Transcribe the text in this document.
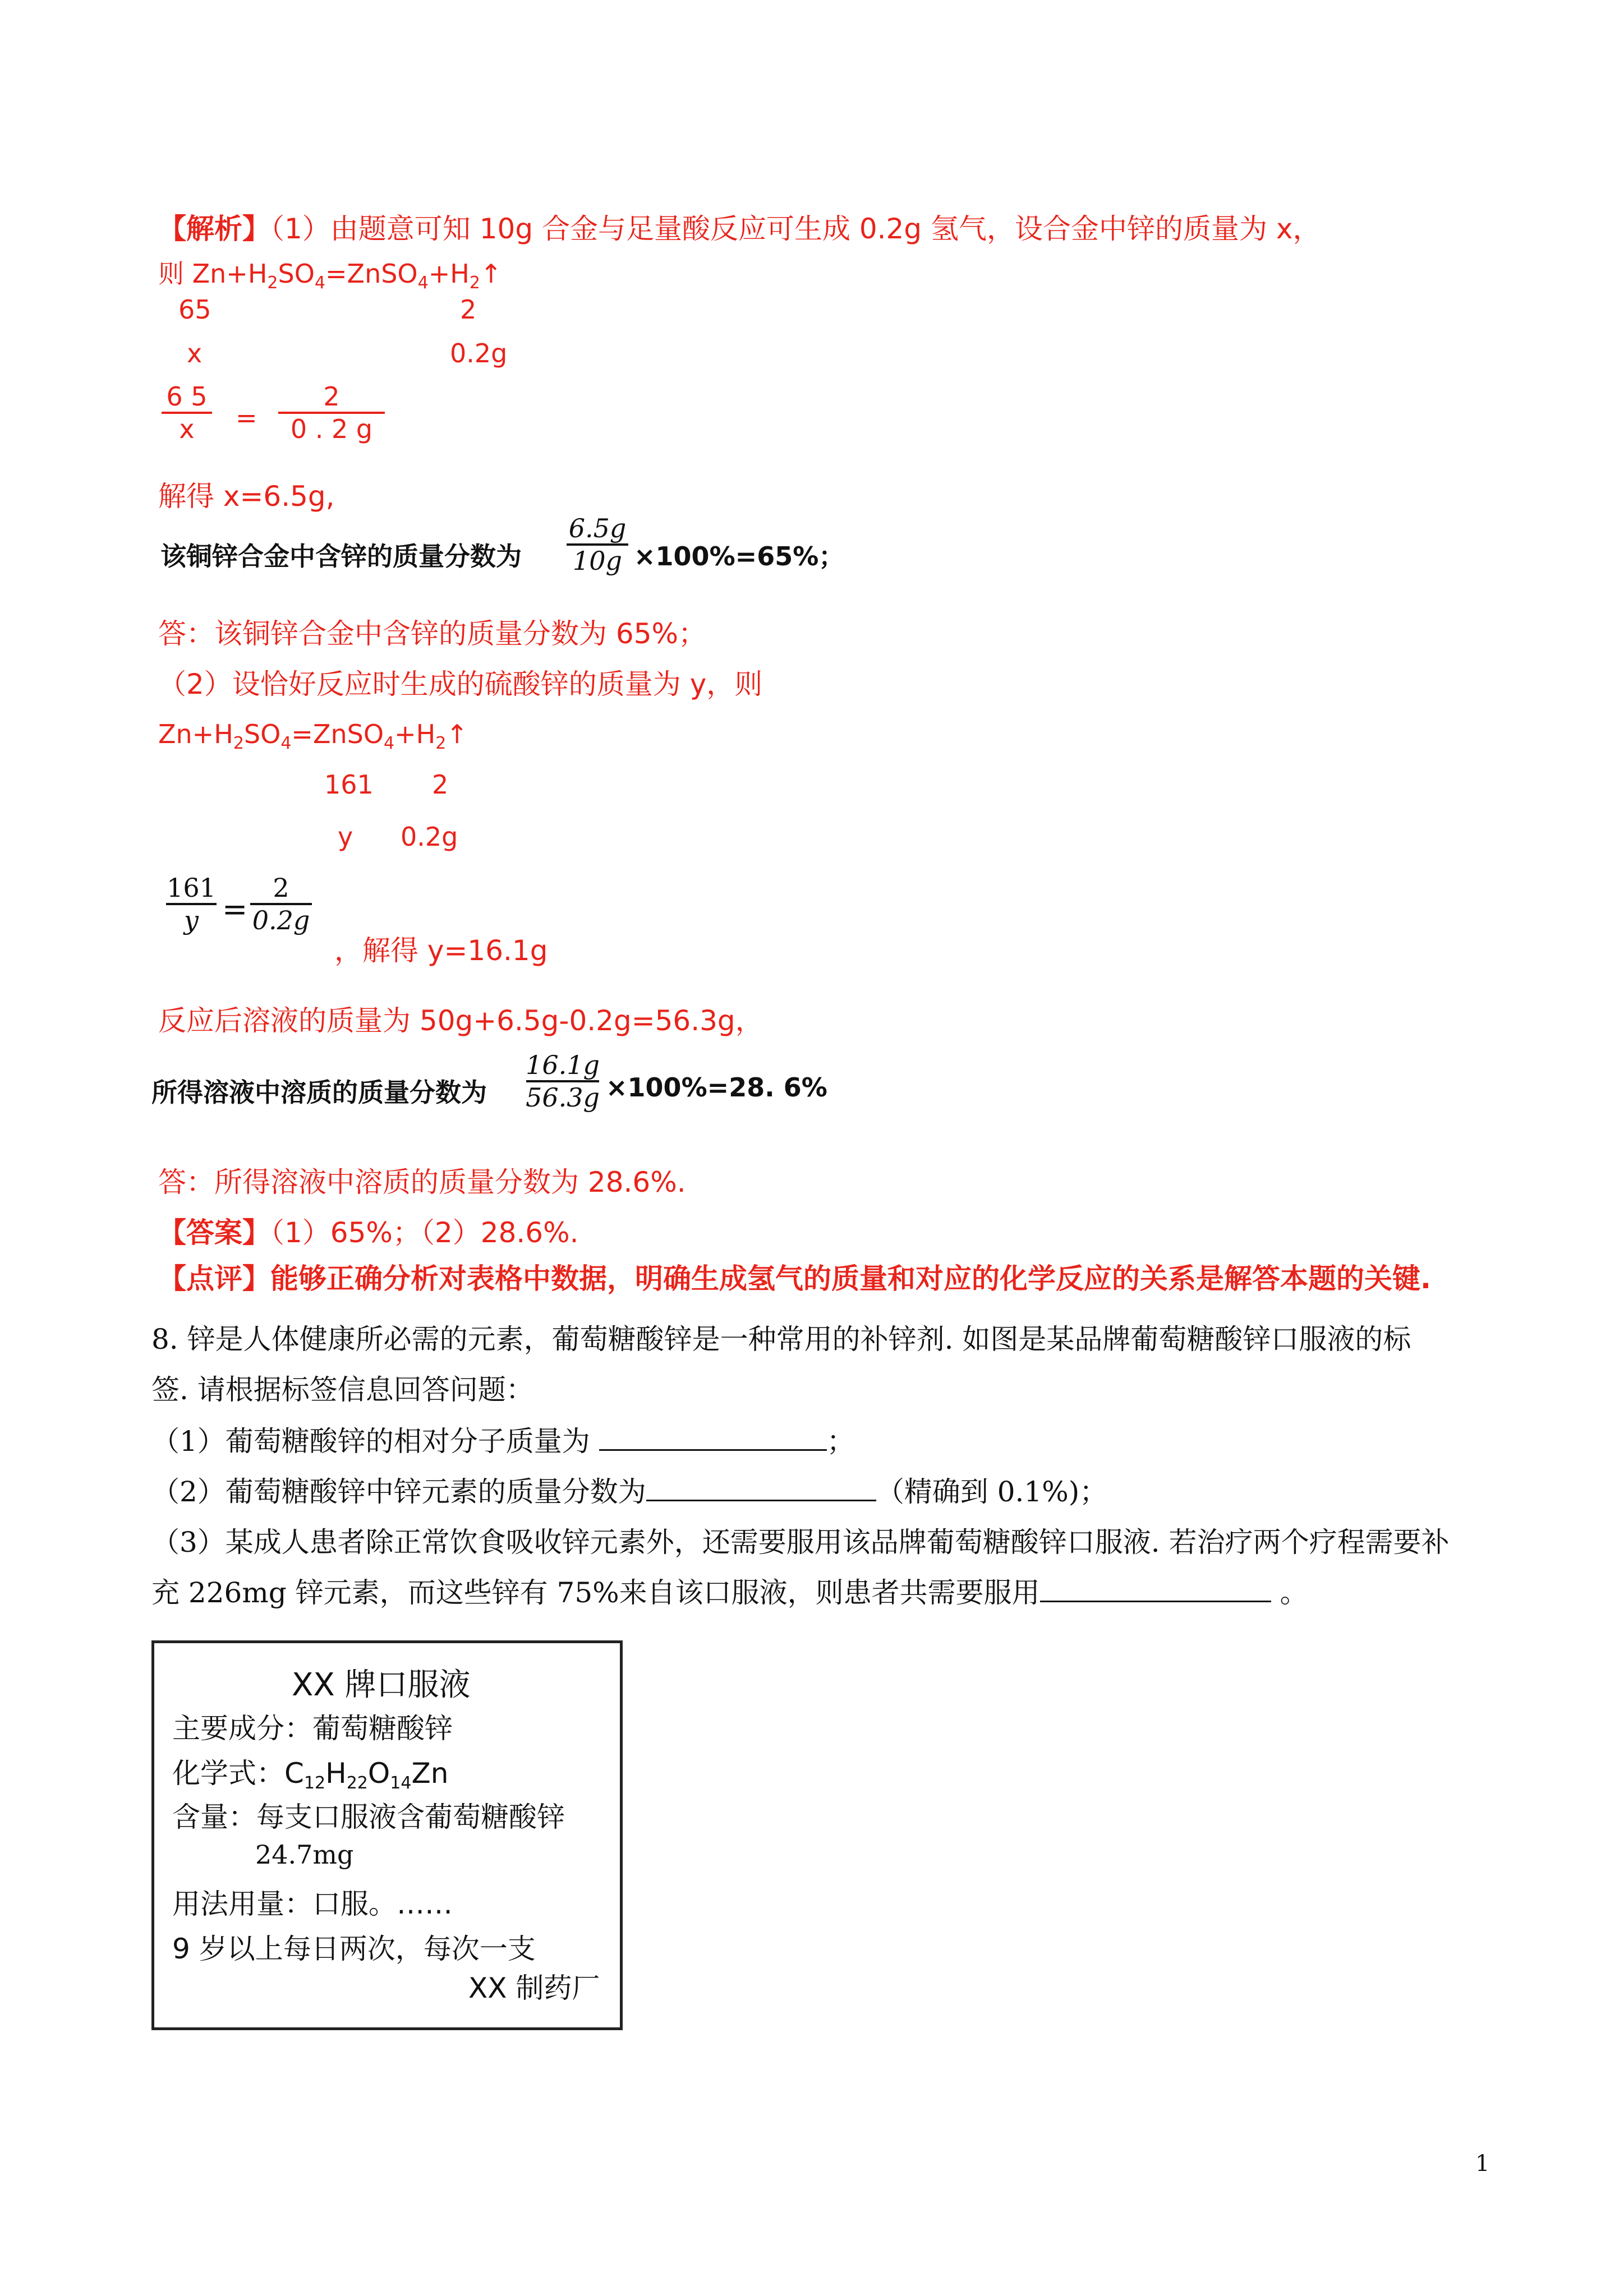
【解析】（1）由题意可知 10g 合金与足量酸反应可生成 0.2g 氢气，设合金中锌的质量为 x，
则 $Zn+H_2SO_4=ZnSO_4+H_2↑$
65	2
x	0.2g
6 5
x =
2
0 . 2 g
解得 x=6.5g,
该铜锌合金中含锌的质量分数为
6.5g
10g ×100%=65%；
答：该铜锌合金中含锌的质量分数为 65%；
（2）设恰好反应时生成的硫酸锌的质量为 y，则
$Zn+H_2SO_4=ZnSO_4+H_2↑$
161 2
y 0.2g
161
y =
2
0.2g
，解得 y=16.1g
反应后溶液的质量为 50g+6.5g-0.2g=56.3g，
所得溶液中溶质的质量分数为
16.1g
56.3g ×100%=28. 6%
答：所得溶液中溶质的质量分数为 28.6%.
【答案】（1）65%；（2）28.6%.
【点评】能够正确分析对表格中数据，明确生成氢气的质量和对应的化学反应的关系是解答本题的关键.
8. 锌是人体健康所必需的元素，葡萄糖酸锌是一种常用的补锌剂. 如图是某品牌葡萄糖酸锌口服液的标
签. 请根据标签信息回答问题：
（1）葡萄糖酸锌的相对分子质量为	；
（2）葡萄糖酸锌中锌元素的质量分数为	（精确到 0.1%)；
（3）某成人患者除正常饮食吸收锌元素外，还需要服用该品牌葡萄糖酸锌口服液. 若治疗两个疗程需要补
充 226mg 锌元素，而这些锌有 75%来自该口服液，则患者共需要服用	。
XX 牌口服液
主要成分：葡萄糖酸锌
化学式：$C_{12}H_{22}O_{14}Zn$
含量：每支口服液含葡萄糖酸锌
24.7mg
用法用量：口服。……
9 岁以上每日两次，每次一支
XX 制药厂
1
